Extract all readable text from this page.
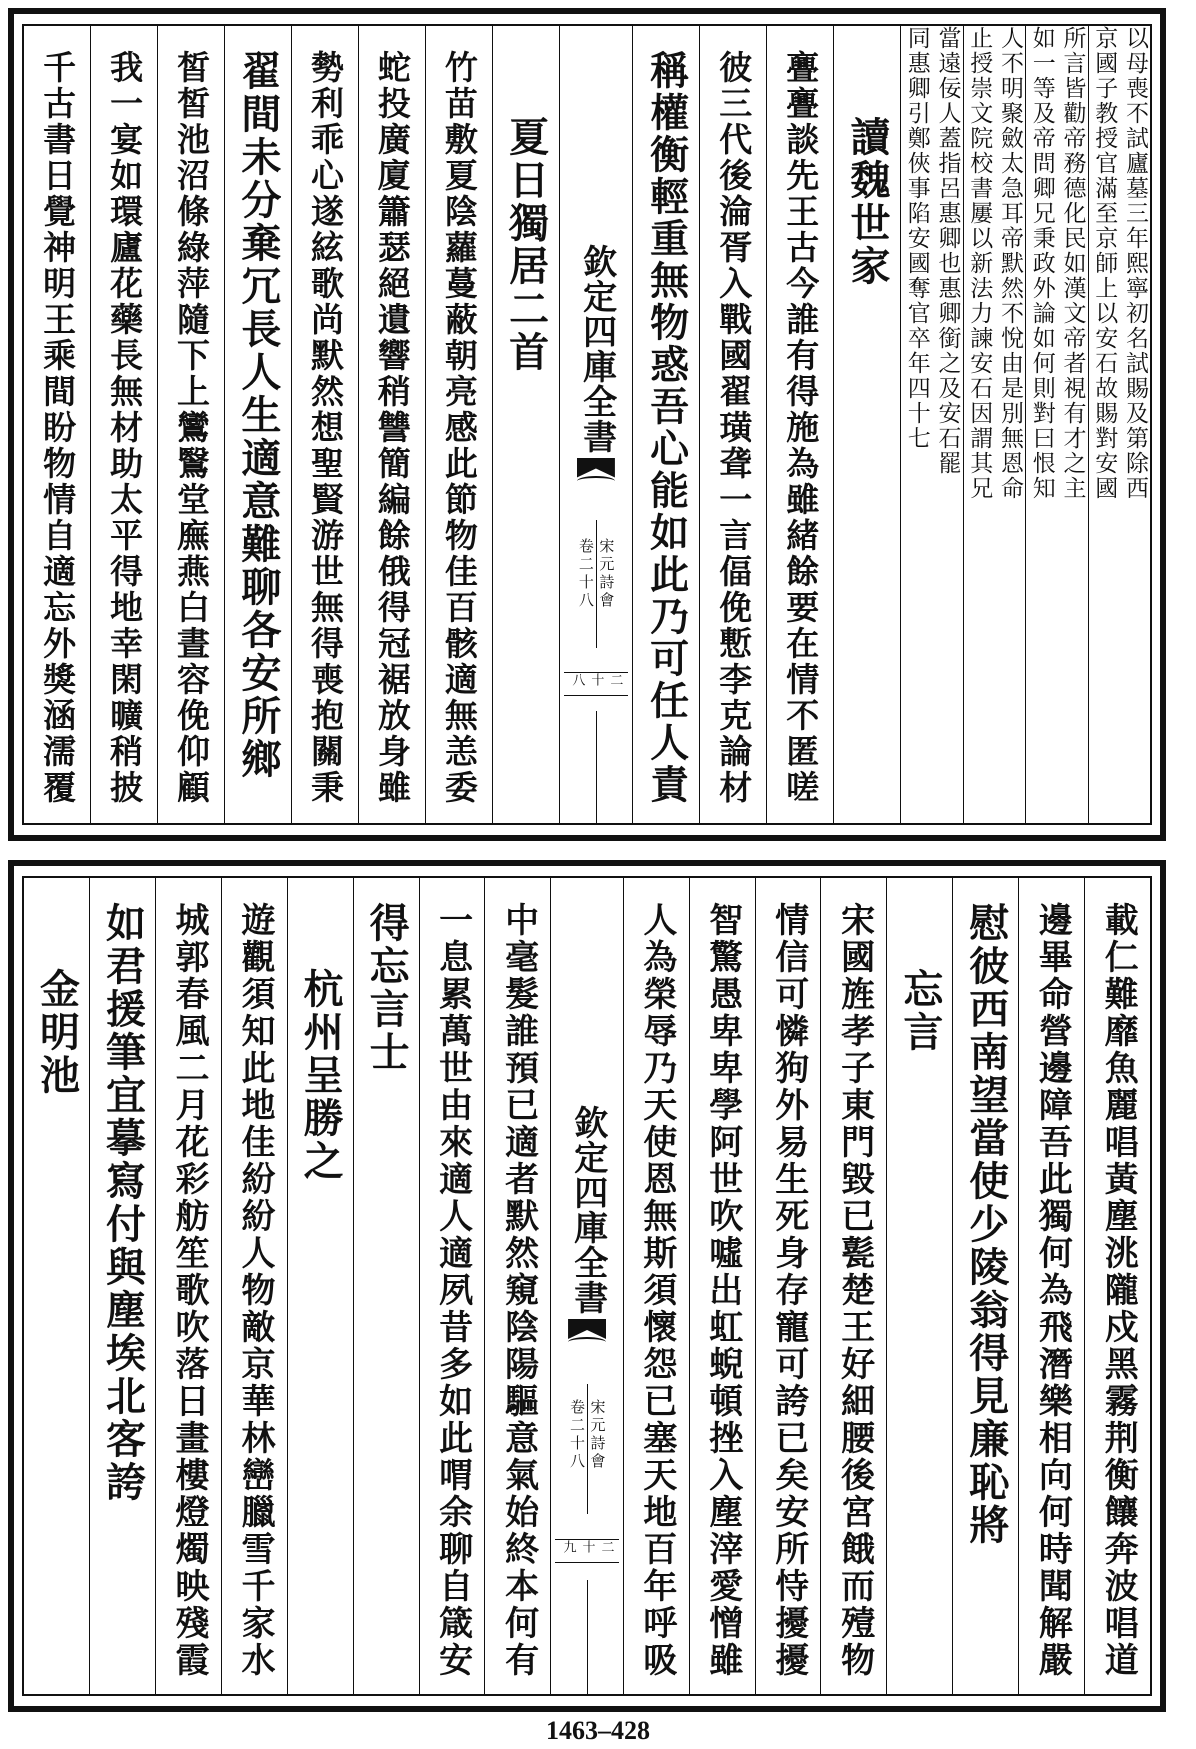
以母喪不試廬墓三年熙寧初名試賜及第除西
京國子教授官滿至京師上以安石故賜對安國
所言皆勸帝務德化民如漢文帝者視有才之主
如一等及帝問卿兄秉政外論如何則對曰恨知
人不明聚斂太急耳帝默然不悅由是別無恩命
止授崇文院校書屢以新法力諫安石因謂其兄
當遠佞人蓋指呂惠卿也惠卿銜之及安石罷
同惠卿引鄭俠事陷安國奪官卒年四十七
讀魏世家
亹亹談先王古今誰有得施為雖緒餘要在情不匿嗟
彼三代後淪胥入戰國翟璜聋一言偪俛慙李克論材
稱權衡輕重無物惑吾心能如此乃可任人責
欽定四庫全書
宋元詩會
卷二十八
二十八
夏日獨居二首
竹苗敷夏陰蘿蔓蔽朝亮感此節物佳百骸適無恙委
蛇投廣廈簫瑟絕遺響稍讐簡編餘俄得冠裾放身雖
勢利乖心遂絃歌尚默然想聖賢游世無得喪抱關秉
翟間未分棄冗長人生適意難聊各安所鄉
皙皙池沼條綠萍隨下上鸞鷖堂廡燕白晝容俛仰顧
我一宴如環廬花藥長無材助太平得地幸閑曠稍披
千古書日覺神明王乘間盼物情自適忘外獎涵濡覆
載仁難靡魚麗唱黃塵洮隴戍黑霧荆衡饟奔波唱道
邊畢命營邊障吾此獨何為飛潛樂相向何時聞解嚴
慰彼西南望當使少陵翁得見廉恥將
忘言
宋國旌孝子東門毀已甏楚王好細腰後宮餓而殪物
情信可憐狗外易生死身存寵可誇已矣安所恃擾擾
智驚愚卑卑學阿世吹噓出虹蜺頓挫入塵滓愛憎雖
人為榮辱乃天使恩無斯須懷怨已塞天地百年呼吸
欽定四庫全書
宋元詩會
卷二十八
二十九
中毫髮誰預已適者默然窺陰陽驅意氣始終本何有
一息累萬世由來適人適夙昔多如此喟余聊自箴安
得忘言士
杭州呈勝之
遊觀須知此地佳紛紛人物敵京華林巒臘雪千家水
城郭春風二月花彩舫笙歌吹落日畫樓燈燭映殘霞
如君援筆宜摹寫付與塵埃北客誇
金明池
1463–428
